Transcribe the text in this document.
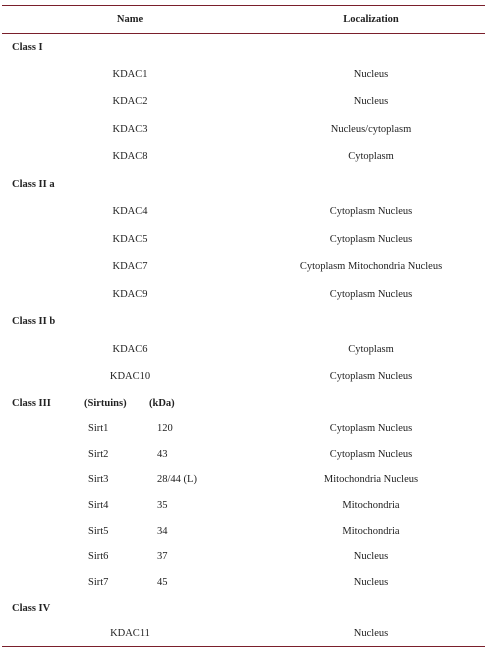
Name	Localization
Class I
KDAC1	Nucleus
KDAC2	Nucleus
KDAC3	Nucleus/cytoplasm
KDAC8	Cytoplasm
Class II a
KDAC4	Cytoplasm Nucleus
KDAC5	Cytoplasm Nucleus
KDAC7	Cytoplasm Mitochondria Nucleus
KDAC9	Cytoplasm Nucleus
Class II b
KDAC6	Cytoplasm
KDAC10	Cytoplasm Nucleus
Class III	(Sirtuins) (kDa)
Sirt1	120	Cytoplasm Nucleus
Sirt2	43	Cytoplasm Nucleus
Sirt3	28/44 (L)	Mitochondria Nucleus
Sirt4	35	Mitochondria
Sirt5	34	Mitochondria
Sirt6	37	Nucleus
Sirt7	45	Nucleus
Class IV
KDAC11	Nucleus
